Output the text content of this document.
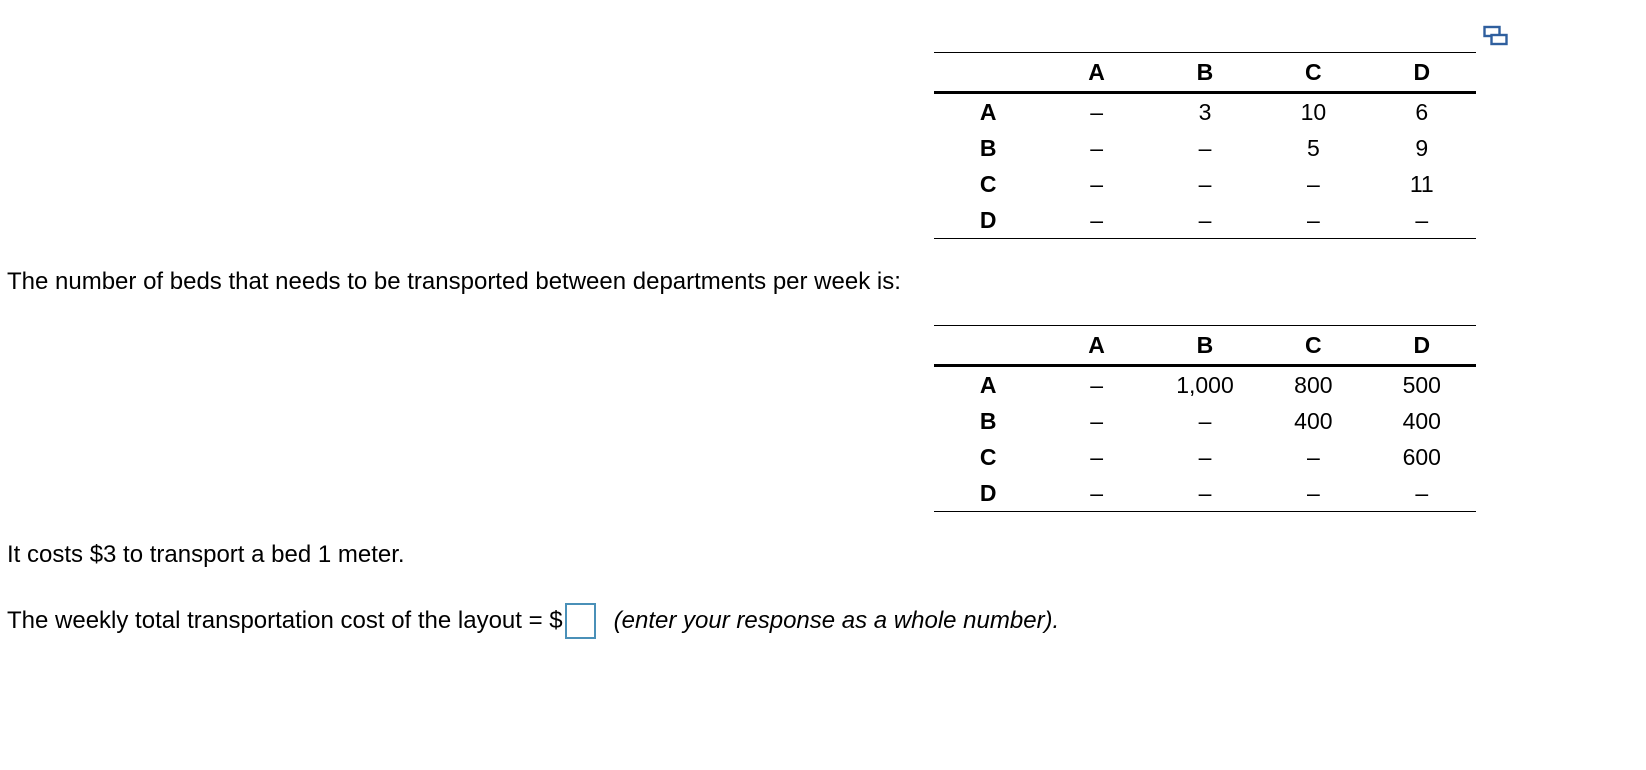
	A	B	C	D
A	–	3	10	6
B	–	–	5	9
C	–	–	–	11
D	–	–	–	–
The number of beds that needs to be transported between departments per week is:
	A	B	C	D
A	–	1,000	800	500
B	–	–	400	400
C	–	–	–	600
D	–	–	–	–
It costs $3 to transport a bed 1 meter.
The weekly total transportation cost of the layout = $ (enter your response as a whole number).
